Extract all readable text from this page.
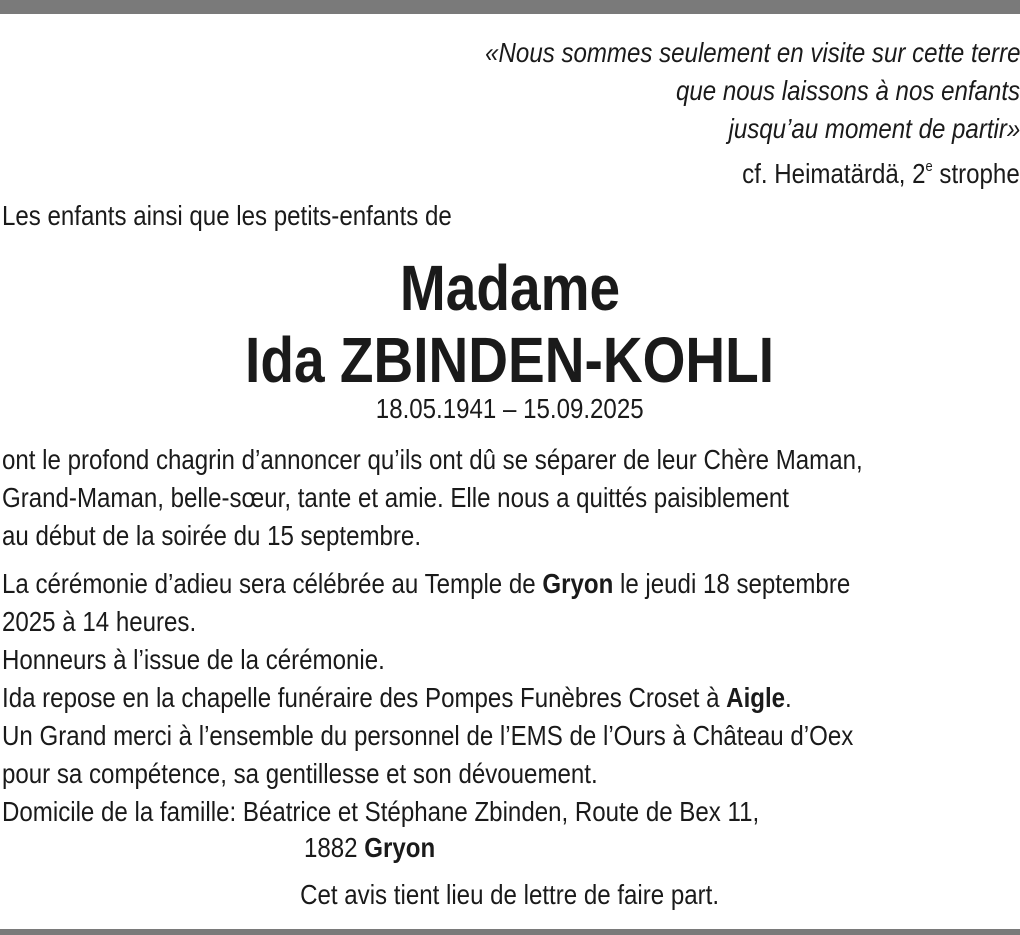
«Nous sommes seulement en visite sur cette terre
que nous laissons à nos enfants
jusqu’au moment de partir»
cf. Heimatärdä, 2e strophe
Les enfants ainsi que les petits-enfants de
Madame
Ida ZBINDEN-KOHLI
18.05.1941 – 15.09.2025
ont le profond chagrin d’annoncer qu’ils ont dû se séparer de leur Chère Maman,
Grand-Maman, belle-sœur, tante et amie. Elle nous a quittés paisiblement
au début de la soirée du 15 septembre.
La cérémonie d’adieu sera célébrée au Temple de Gryon le jeudi 18 septembre
2025 à 14 heures.
Honneurs à l’issue de la cérémonie.
Ida repose en la chapelle funéraire des Pompes Funèbres Croset à Aigle.
Un Grand merci à l’ensemble du personnel de l’EMS de l’Ours à Château d’Oex
pour sa compétence, sa gentillesse et son dévouement.
Domicile de la famille: Béatrice et Stéphane Zbinden, Route de Bex 11,
1882 Gryon
Cet avis tient lieu de lettre de faire part.
